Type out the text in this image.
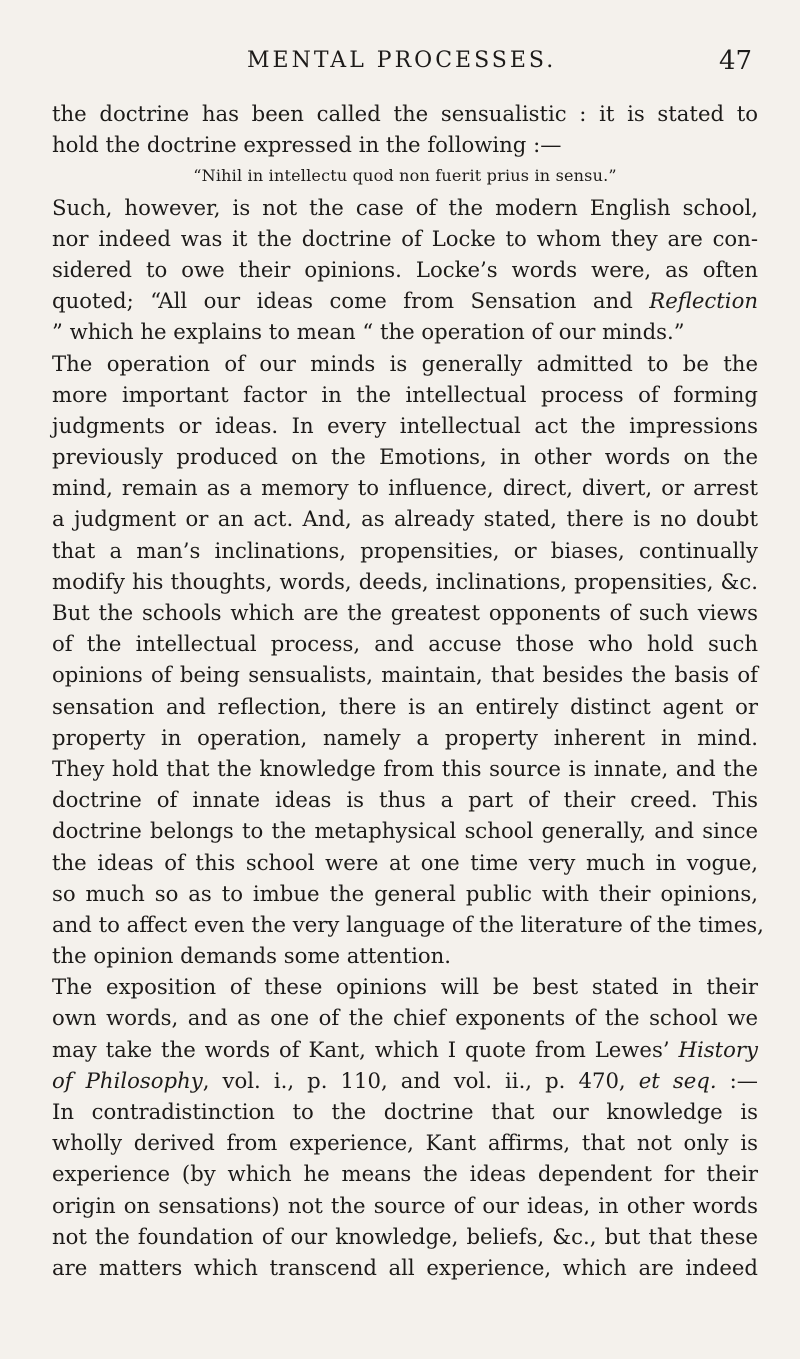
MENTAL PROCESSES.	47
the doctrine has been called the sensualistic : it is stated to
hold the doctrine expressed in the following :—
“Nihil in intellectu quod non fuerit prius in sensu.”
Such, however, is not the case of the modern English school,
nor indeed was it the doctrine of Locke to whom they are con-
sidered to owe their opinions. Locke’s words were, as often
quoted; “All our ideas come from Sensation and Reflection
” which he explains to mean “ the operation of our minds.”
The operation of our minds is generally admitted to be the
more important factor in the intellectual process of forming
judgments or ideas. In every intellectual act the impressions
previously produced on the Emotions, in other words on the
mind, remain as a memory to influence, direct, divert, or arrest
a judgment or an act. And, as already stated, there is no doubt
that a man’s inclinations, propensities, or biases, continually
modify his thoughts, words, deeds, inclinations, propensities, &c.
But the schools which are the greatest opponents of such views
of the intellectual process, and accuse those who hold such
opinions of being sensualists, maintain, that besides the basis of
sensation and reflection, there is an entirely distinct agent or
property in operation, namely a property inherent in mind.
They hold that the knowledge from this source is innate, and the
doctrine of innate ideas is thus a part of their creed. This
doctrine belongs to the metaphysical school generally, and since
the ideas of this school were at one time very much in vogue,
so much so as to imbue the general public with their opinions,
and to affect even the very language of the literature of the times,
the opinion demands some attention.
The exposition of these opinions will be best stated in their
own words, and as one of the chief exponents of the school we
may take the words of Kant, which I quote from Lewes’ History
of Philosophy, vol. i., p. 110, and vol. ii., p. 470, et seq. :—
In contradistinction to the doctrine that our knowledge is
wholly derived from experience, Kant affirms, that not only is
experience (by which he means the ideas dependent for their
origin on sensations) not the source of our ideas, in other words
not the foundation of our knowledge, beliefs, &c., but that these
are matters which transcend all experience, which are indeed
